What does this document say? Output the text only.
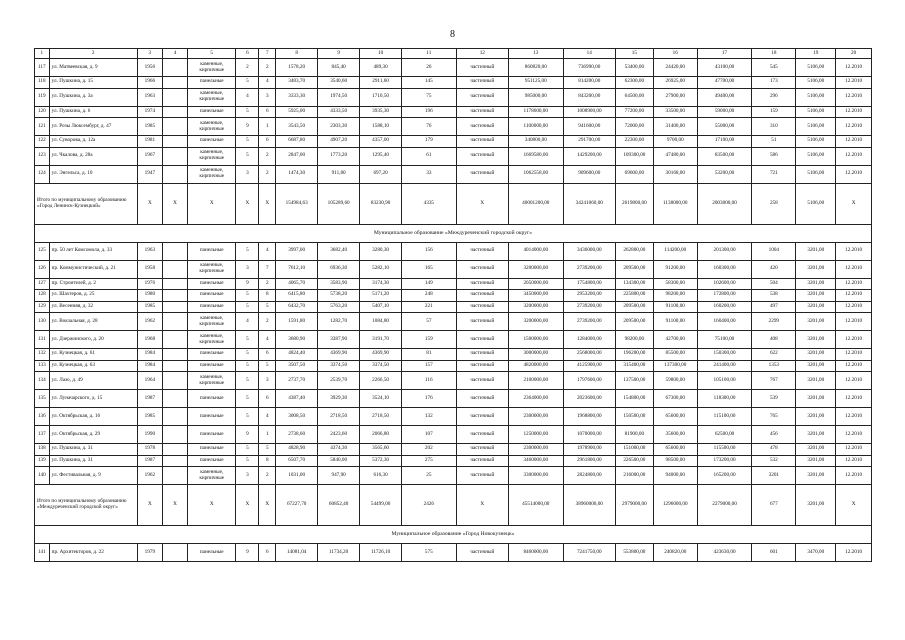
8
1	2	3	4	5	6	7	8	9	10	11	12	13	14	15	16	17	18	19	20
117	ул. Матвеевская, д. 9	1956		каменные, кирпичные	2	2	1578,20	845,40	489,30	26	частичный	860820,00	736990,00	53400,00	24420,00	43100,00	545	5106,00	12.2010
118	ул. Пушкина, д. 15	1966		панельные	5	4	3483,70	3540,60	2911,60	145	частичный	951125,00	814200,00	62300,00	26925,00	47700,00	173	5106,00	12.2010
119	ул. Пушкина, д. 3а	1963		каменные, кирпичные	4	3	3333,30	1974,50	1710,50	75	частичный	985000,00	843200,00	64500,00	27900,00	49400,00	296	5106,00	12.2010
120	ул. Пушкина, д. 6	1974		панельные	5	6	5925,00	4333,50	3935,30	196	частичный	1178600,00	1008900,00	77200,00	33500,00	59000,00	159	5106,00	12.2010
121	ул. Розы Люксембург, д. 47	1985		каменные, кирпичные	9	1	3543,50	2303,30	1588,10	76	частичный	1100000,00	941600,00	72000,00	31400,00	55000,00	310	5106,00	12.2010
122	ул. Суворова, д. 12а	1981		панельные	5	6	6687,80	4907,20	4357,00	179	частичный	340800,00	291700,00	22300,00	9700,00	17100,00	51	5106,00	12.2010
123	ул. Чкалова, д. 28а	1967		каменные, кирпичные	5	2	2847,00	1773,20	1295,40	61	частичный	1669580,00	1429200,00	109300,00	47480,00	83500,00	586	5106,00	12.2010
124	ул. Энгельса, д. 10	1947		каменные, кирпичные	3	2	1474,30	911,80	697,20	33	частичный	1062558,00	909600,00	69600,00	30168,00	53200,00	721	5106,00	12.2010
Итого по муниципальному образованию «Город Ленинск-Кузнецкий»		X	X	X	X	X	154984,63	105289,60	83230,90	4335	X	40001200,00	34241060,00	2619800,00	1138000,00	2003000,00	258	5106,00	X
Муниципальное образование «Междуреченский городской округ»																			
125	пр. 50 лет Комсомола, д. 33	1963		панельные	5	4	3997,00	3682,40	3280,30	156	частичный	4014000,00	3436000,00	262800,00	114200,00	201300,00	1004	3201,00	12.2010
126	пр. Коммунистический, д. 21	1958		каменные, кирпичные	3	7	7612,10	6936,30	5282,10	165	частичный	3200000,00	2739200,00	209500,00	91200,00	160300,00	420	3201,00	12.2010
127	пр. Строителей, д. 2	1976		панельные	9	2	4065,70	3583,90	3174,30	149	частичный	2050000,00	1754800,00	134300,00	58300,00	102600,00	504	3201,00	12.2010
128	ул. Шахтеров, д. 25	1980		панельные	5	8	6415,80	5738,20	5171,20	248	частичный	3450000,00	2953200,00	225800,00	98200,00	172800,00	538	3201,00	12.2010
129	ул. Весенняя, д. 32	1985		панельные	5	5	6432,70	5763,20	5407,10	221	частичный	3200000,00	2739200,00	209500,00	91100,00	160200,00	497	3201,00	12.2010
130	ул. Вокзальная, д. 28	1962		каменные, кирпичные	4	2	1591,80	1282,70	1084,80	57	частичный	3200000,00	2739200,00	209500,00	91100,00	160400,00	2299	3201,00	12.2010
131	ул. Дзержинского, д. 20	1968		каменные, кирпичные	5	4	3680,90	3387,90	3191,70	159	частичный	1500000,00	1284000,00	98200,00	42700,00	75100,00	408	3201,00	12.2010
132	ул. Кузнецкая, д. 61	1984		панельные	5	6	4824,40	4369,90	4369,90	81	частичный	3000000,00	2568000,00	196200,00	85500,00	150300,00	622	3201,00	12.2010
133	ул. Кузнецкая, д. 63	1984		панельные	5	5	3507,50	3374,50	3374,50	157	частичный	4820000,00	4125900,00	315400,00	137300,00	241400,00	1353	3201,00	12.2010
134	ул. Лазо, д. 49	1964		каменные, кирпичные	5	3	2737,70	2539,70	2266,50	116	частичный	2100000,00	1797600,00	137500,00	59800,00	105100,00	767	3201,00	12.2010
135	ул. Луначарского, д. 15	1987		панельные	5	6	4387,40	3929,30	3524,10	176	частичный	2364000,00	2023600,00	154800,00	67300,00	118300,00	539	3201,00	12.2010
136	ул. Октябрьская, д. 16	1985		панельные	5	4	3008,50	2718,50	2718,50	132	частичный	2300000,00	1968800,00	150500,00	65600,00	115100,00	765	3201,00	12.2010
137	ул. Октябрьская, д. 29	1990		панельные	9	1	2738,60	2423,60	2066,80	107	частичный	1250000,00	1070000,00	81900,00	35600,00	62500,00	456	3201,00	12.2010
138	ул. Пушкина, д. 31	1978		панельные	5	5	4828,90	4374,30	3565,60	202	частичный	2300000,00	1978900,00	151000,00	65600,00	115500,00	478	3201,00	12.2010
139	ул. Пушкина, д. 31	1987		панельные	5	8	6507,70	5840,00	5372,30	275	частичный	3460000,00	2961800,00	226500,00	98500,00	173200,00	532	3201,00	12.2010
140	ул. Фестивальная, д. 9	1962		каменные, кирпичные	3	2	1031,00	947,90	616,30	25	частичный	3300000,00	2824800,00	216000,00	94000,00	165200,00	3201	3201,00	12.2010
Итого по муниципальному образованию «Междуреченский городской округ»		X	X	X	X	X	67227,70	60852,40	54499,00	2426	X	45514000,00	38960000,00	2979000,00	1296000,00	2279000,00	677	3201,00	X
Муниципальное образование «Город Новокузнецк»																			
141	пр. Архитекторов, д. 22	1979		панельные	9	6	14081,04	11734,20	11726,10	575	частичный	8460000,00	7241750,00	553800,00	240820,00	423630,00	601	3470,00	12.2010
